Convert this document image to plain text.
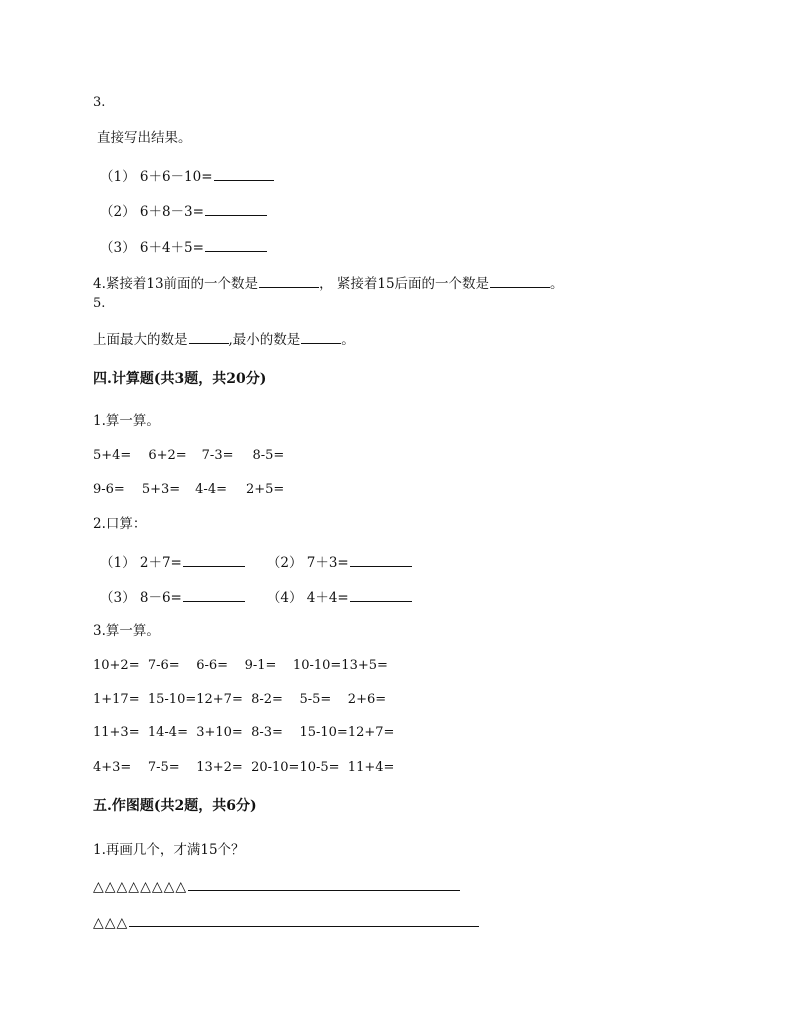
3.
直接写出结果。
（1） 6＋6－10=
（2） 6＋8－3=
（3） 6＋4＋5=
4.紧接着13前面的一个数是	， 紧接着15后面的一个数是	。
5.
上面最大的数是	,最小的数是	。
四.计算题(共3题，共20分)
1.算一算。
5+4= 6+2= 7-3= 8-5=
9-6= 5+3= 4-4= 2+5=
2.口算：
（1） 2＋7=	（2） 7＋3=
（3） 8－6=	（4） 4＋4=
3.算一算。
10+2=  7-6=    6-6=    9-1=    10-10=13+5=
1+17=  15-10=12+7=  8-2=    5-5=    2+6=
11+3=  14-4=  3+10=  8-3=    15-10=12+7=
4+3=    7-5=    13+2=  20-10=10-5=  11+4=
五.作图题(共2题，共6分)
1.再画几个，才满15个？
△△△△△△△△
△△△
